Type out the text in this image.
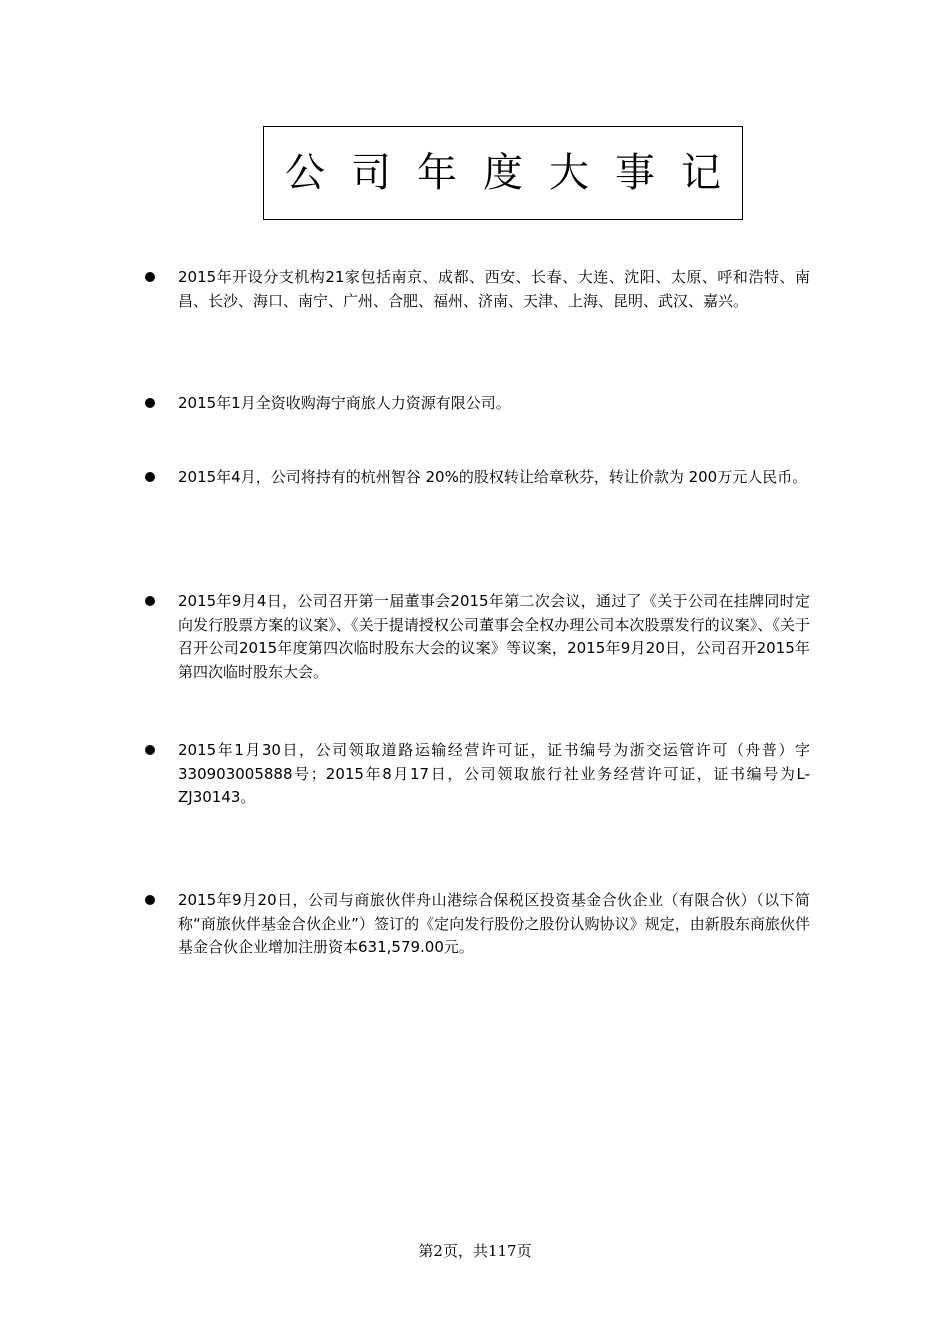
公司年度大事记
2015年开设分支机构21家包括南京、成都、西安、长春、大连、沈阳、太原、呼和浩特、南昌、长沙、海口、南宁、广州、合肥、福州、济南、天津、上海、昆明、武汉、嘉兴。
2015年1月全资收购海宁商旅人力资源有限公司。
2015年4月，公司将持有的杭州智谷 20%的股权转让给章秋芬，转让价款为 200万元人民币。
2015年9月4日，公司召开第一届董事会2015年第二次会议，通过了《关于公司在挂牌同时定向发行股票方案的议案》、《关于提请授权公司董事会全权办理公司本次股票发行的议案》、《关于召开公司2015年度第四次临时股东大会的议案》等议案，2015年9月20日，公司召开2015年第四次临时股东大会。
2015年1月30日，公司领取道路运输经营许可证，证书编号为浙交运管许可（舟普）字330903005888号；2015年8月17日，公司领取旅行社业务经营许可证，证书编号为L-ZJ30143。
2015年9月20日，公司与商旅伙伴舟山港综合保税区投资基金合伙企业（有限合伙）（以下简称“商旅伙伴基金合伙企业”）签订的《定向发行股份之股份认购协议》规定，由新股东商旅伙伴基金合伙企业增加注册资本631,579.00元。
第2页，共117页
